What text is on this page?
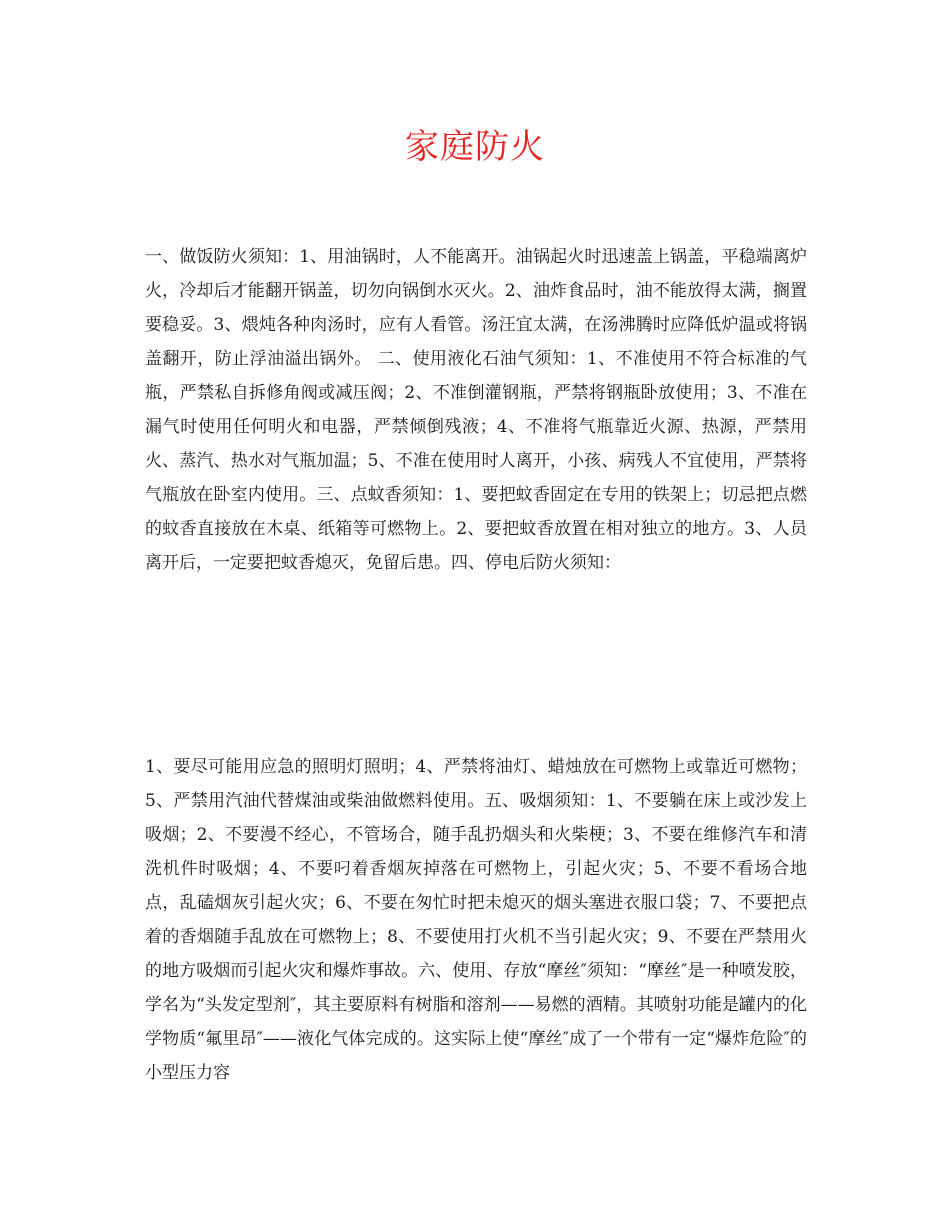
家庭防火

一、做饭防火须知：1、用油锅时，人不能离开。油锅起火时迅速盖上锅盖，平稳端离炉火，冷却后才能翻开锅盖，切勿向锅倒水灭火。2、油炸食品时，油不能放得太满，搁置要稳妥。3、煨炖各种肉汤时，应有人看管。汤汪宜太满，在汤沸腾时应降低炉温或将锅盖翻开，防止浮油溢出锅外。 二、使用液化石油气须知：1、不准使用不符合标准的气瓶，严禁私自拆修角阀或减压阀；2、不准倒灌钢瓶，严禁将钢瓶卧放使用；3、不准在漏气时使用任何明火和电器，严禁倾倒残液；4、不准将气瓶靠近火源、热源，严禁用火、蒸汽、热水对气瓶加温；5、不准在使用时人离开，小孩、病残人不宜使用，严禁将气瓶放在卧室内使用。三、点蚊香须知：1、要把蚊香固定在专用的铁架上；切忌把点燃的蚊香直接放在木桌、纸箱等可燃物上。2、要把蚊香放置在相对独立的地方。3、人员离开后，一定要把蚊香熄灭，免留后患。四、停电后防火须知：

1、要尽可能用应急的照明灯照明；4、严禁将油灯、蜡烛放在可燃物上或靠近可燃物；5、严禁用汽油代替煤油或柴油做燃料使用。五、吸烟须知：1、不要躺在床上或沙发上吸烟；2、不要漫不经心，不管场合，随手乱扔烟头和火柴梗；3、不要在维修汽车和清洗机件时吸烟；4、不要叼着香烟灰掉落在可燃物上，引起火灾；5、不要不看场合地点，乱磕烟灰引起火灾；6、不要在匆忙时把未熄灭的烟头塞进衣服口袋；7、不要把点着的香烟随手乱放在可燃物上；8、不要使用打火机不当引起火灾；9、不要在严禁用火的地方吸烟而引起火灾和爆炸事故。六、使用、存放“摩丝″须知：“摩丝″是一种喷发胶，学名为“头发定型剂″，其主要原料有树脂和溶剂——易燃的酒精。其喷射功能是罐内的化学物质“氟里昂″——液化气体完成的。这实际上使“摩丝″成了一个带有一定“爆炸危险″的小型压力容
